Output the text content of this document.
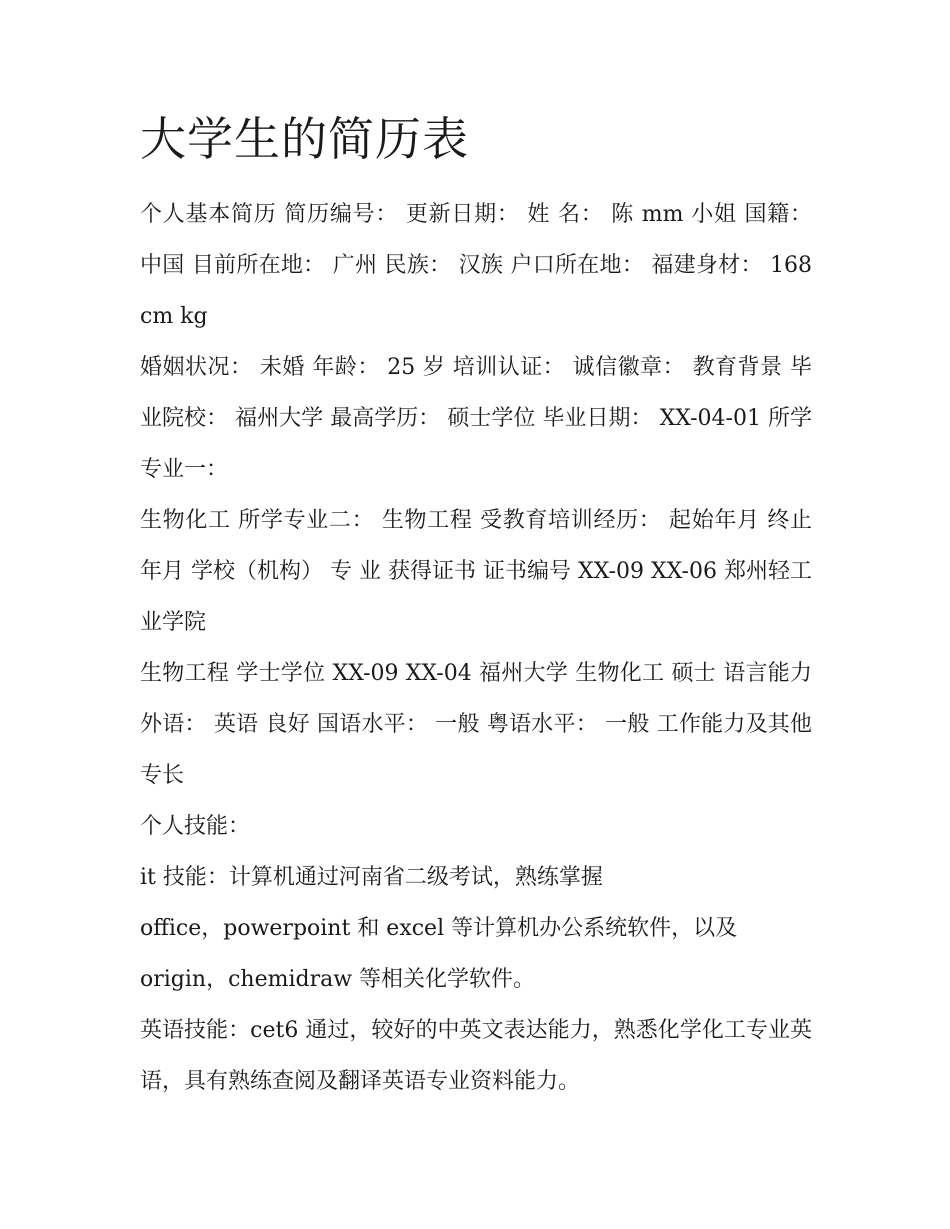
大学生的简历表

个人基本简历 简历编号： 更新日期： 姓 名： 陈 mm 小姐 国籍： 中国 目前所在地： 广州 民族： 汉族 户口所在地： 福建身材： 168 cm kg

婚姻状况： 未婚 年龄： 25 岁 培训认证： 诚信徽章： 教育背景 毕业院校： 福州大学 最高学历： 硕士学位 毕业日期： XX-04-01 所学专业一：

生物化工 所学专业二： 生物工程 受教育培训经历： 起始年月 终止年月 学校（机构） 专 业 获得证书 证书编号 XX-09 XX-06 郑州轻工业学院

生物工程 学士学位 XX-09 XX-04 福州大学 生物化工 硕士 语言能力 外语： 英语 良好 国语水平： 一般 粤语水平： 一般 工作能力及其他专长

个人技能：

it 技能：计算机通过河南省二级考试，熟练掌握

office，powerpoint 和 excel 等计算机办公系统软件，以及

origin，chemidraw 等相关化学软件。

英语技能：cet6 通过，较好的中英文表达能力，熟悉化学化工专业英语，具有熟练查阅及翻译英语专业资料能力。
